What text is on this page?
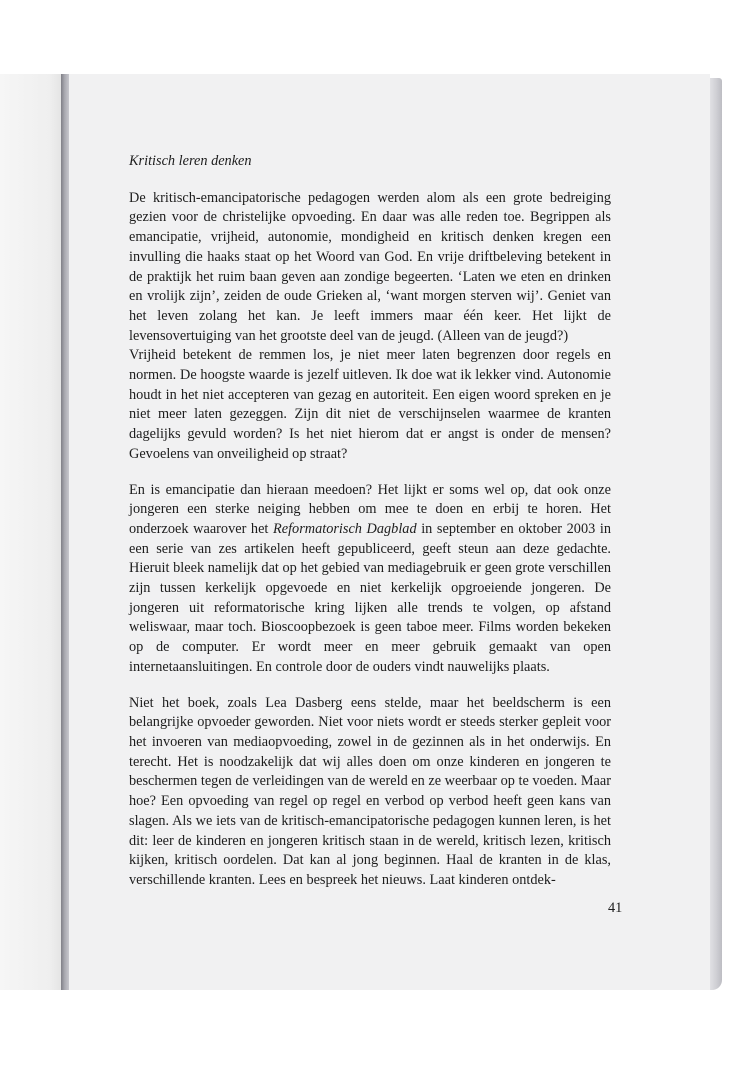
Kritisch leren denken

De kritisch-emancipatorische pedagogen werden alom als een grote bedreiging gezien voor de christelijke opvoeding. En daar was alle reden toe. Begrippen als emancipatie, vrijheid, autonomie, mondigheid en kritisch denken kregen een invulling die haaks staat op het Woord van God. En vrije driftbeleving betekent in de praktijk het ruim baan geven aan zondige begeerten. ‘Laten we eten en drinken en vrolijk zijn’, zeiden de oude Grieken al, ‘want morgen sterven wij’. Geniet van het leven zolang het kan. Je leeft immers maar één keer. Het lijkt de levensovertuiging van het grootste deel van de jeugd. (Alleen van de jeugd?)

Vrijheid betekent de remmen los, je niet meer laten begrenzen door regels en normen. De hoogste waarde is jezelf uitleven. Ik doe wat ik lekker vind. Autonomie houdt in het niet accepteren van gezag en autoriteit. Een eigen woord spreken en je niet meer laten gezeggen. Zijn dit niet de verschijnselen waarmee de kranten dagelijks gevuld worden? Is het niet hierom dat er angst is onder de mensen? Gevoelens van onveiligheid op straat?

En is emancipatie dan hieraan meedoen? Het lijkt er soms wel op, dat ook onze jongeren een sterke neiging hebben om mee te doen en erbij te horen. Het onderzoek waarover het Reformatorisch Dagblad in september en oktober 2003 in een serie van zes artikelen heeft gepubliceerd, geeft steun aan deze gedachte. Hieruit bleek namelijk dat op het gebied van mediagebruik er geen grote verschillen zijn tussen kerkelijk opgevoede en niet kerkelijk opgroeiende jongeren. De jongeren uit reformatorische kring lijken alle trends te volgen, op afstand weliswaar, maar toch. Bioscoopbezoek is geen taboe meer. Films worden bekeken op de computer. Er wordt meer en meer gebruik gemaakt van open internetaansluitingen. En controle door de ouders vindt nauwelijks plaats.

Niet het boek, zoals Lea Dasberg eens stelde, maar het beeldscherm is een belangrijke opvoeder geworden. Niet voor niets wordt er steeds sterker gepleit voor het invoeren van mediaopvoeding, zowel in de gezinnen als in het onderwijs. En terecht. Het is noodzakelijk dat wij alles doen om onze kinderen en jongeren te beschermen tegen de verleidingen van de wereld en ze weerbaar op te voeden. Maar hoe? Een opvoeding van regel op regel en verbod op verbod heeft geen kans van slagen. Als we iets van de kritisch-emancipatorische pedagogen kunnen leren, is het dit: leer de kinderen en jongeren kritisch staan in de wereld, kritisch lezen, kritisch kijken, kritisch oordelen. Dat kan al jong beginnen. Haal de kranten in de klas, verschillende kranten. Lees en bespreek het nieuws. Laat kinderen ontdek-

41
